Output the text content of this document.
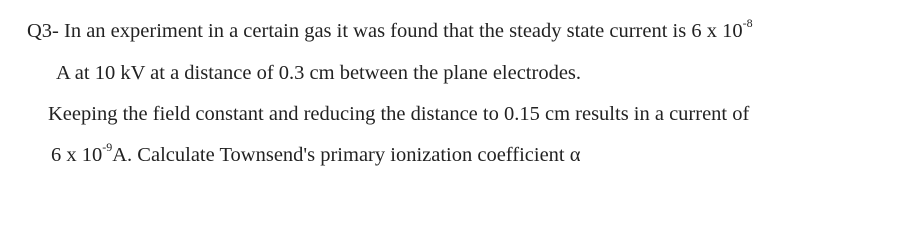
Q3- In an experiment in a certain gas it was found that the steady state current is 6 x $10^{-8}$
A at 10 kV at a distance of 0.3 cm between the plane electrodes.
Keeping the field constant and reducing the distance to 0.15 cm results in a current of
6 x $10^{-9}A$. Calculate Townsend's primary ionization coefficient α
